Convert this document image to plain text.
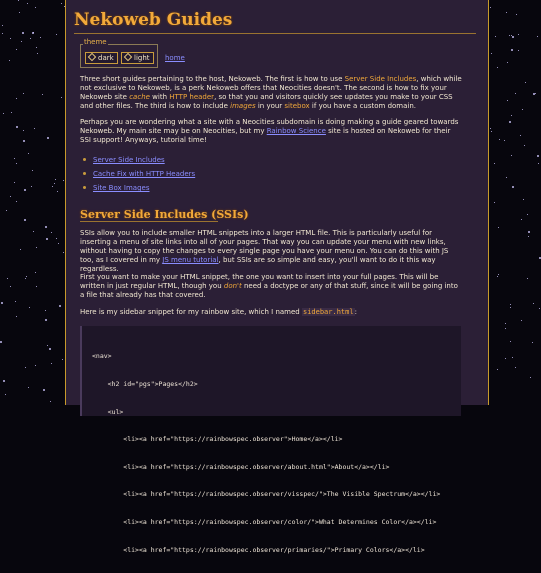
Nekoweb Guides
theme
dark	light	home

Three short guides pertaining to the host, Nekoweb. The first is how to use Server Side Includes, which while not exclusive to Nekoweb, is a perk Nekoweb offers that Neocities doesn't. The second is how to fix your Nekoweb site cache with HTTP header, so that you and visitors quickly see updates you make to your CSS and other files. The third is how to include images in your sitebox if you have a custom domain.

Perhaps you are wondering what a site with a Neocities subdomain is doing making a guide geared towards Nekoweb. My main site may be on Neocities, but my Rainbow Science site is hosted on Nekoweb for their SSI support! Anyways, tutorial time!

Server Side Includes
Cache Fix with HTTP Headers
Site Box Images
Server Side Includes (SSIs)

SSIs allow you to include smaller HTML snippets into a larger HTML file. This is particularly useful for inserting a menu of site links into all of your pages. That way you can update your menu with new links, without having to copy the changes to every single page you have your menu on. You can do this with JS too, as I covered in my JS menu tutorial, but SSIs are so simple and easy, you'll want to do it this way regardless.

First you want to make your HTML snippet, the one you want to insert into your full pages. This will be written in just regular HTML, though you don't need a doctype or any of that stuff, since it will be going into a file that already has that covered.

Here is my sidebar snippet for my rainbow site, which I named sidebar.html:

<nav>

<h2 id="pgs">Pages</h2>

<ul>

<li><a href="https://rainbowspec.observer">Home</a></li>

<li><a href="https://rainbowspec.observer/about.html">About</a></li>

<li><a href="https://rainbowspec.observer/visspec/">The Visible Spectrum</a></li>

<li><a href="https://rainbowspec.observer/color/">What Determines Color</a></li>

<li><a href="https://rainbowspec.observer/primaries/">Primary Colors</a></li>
